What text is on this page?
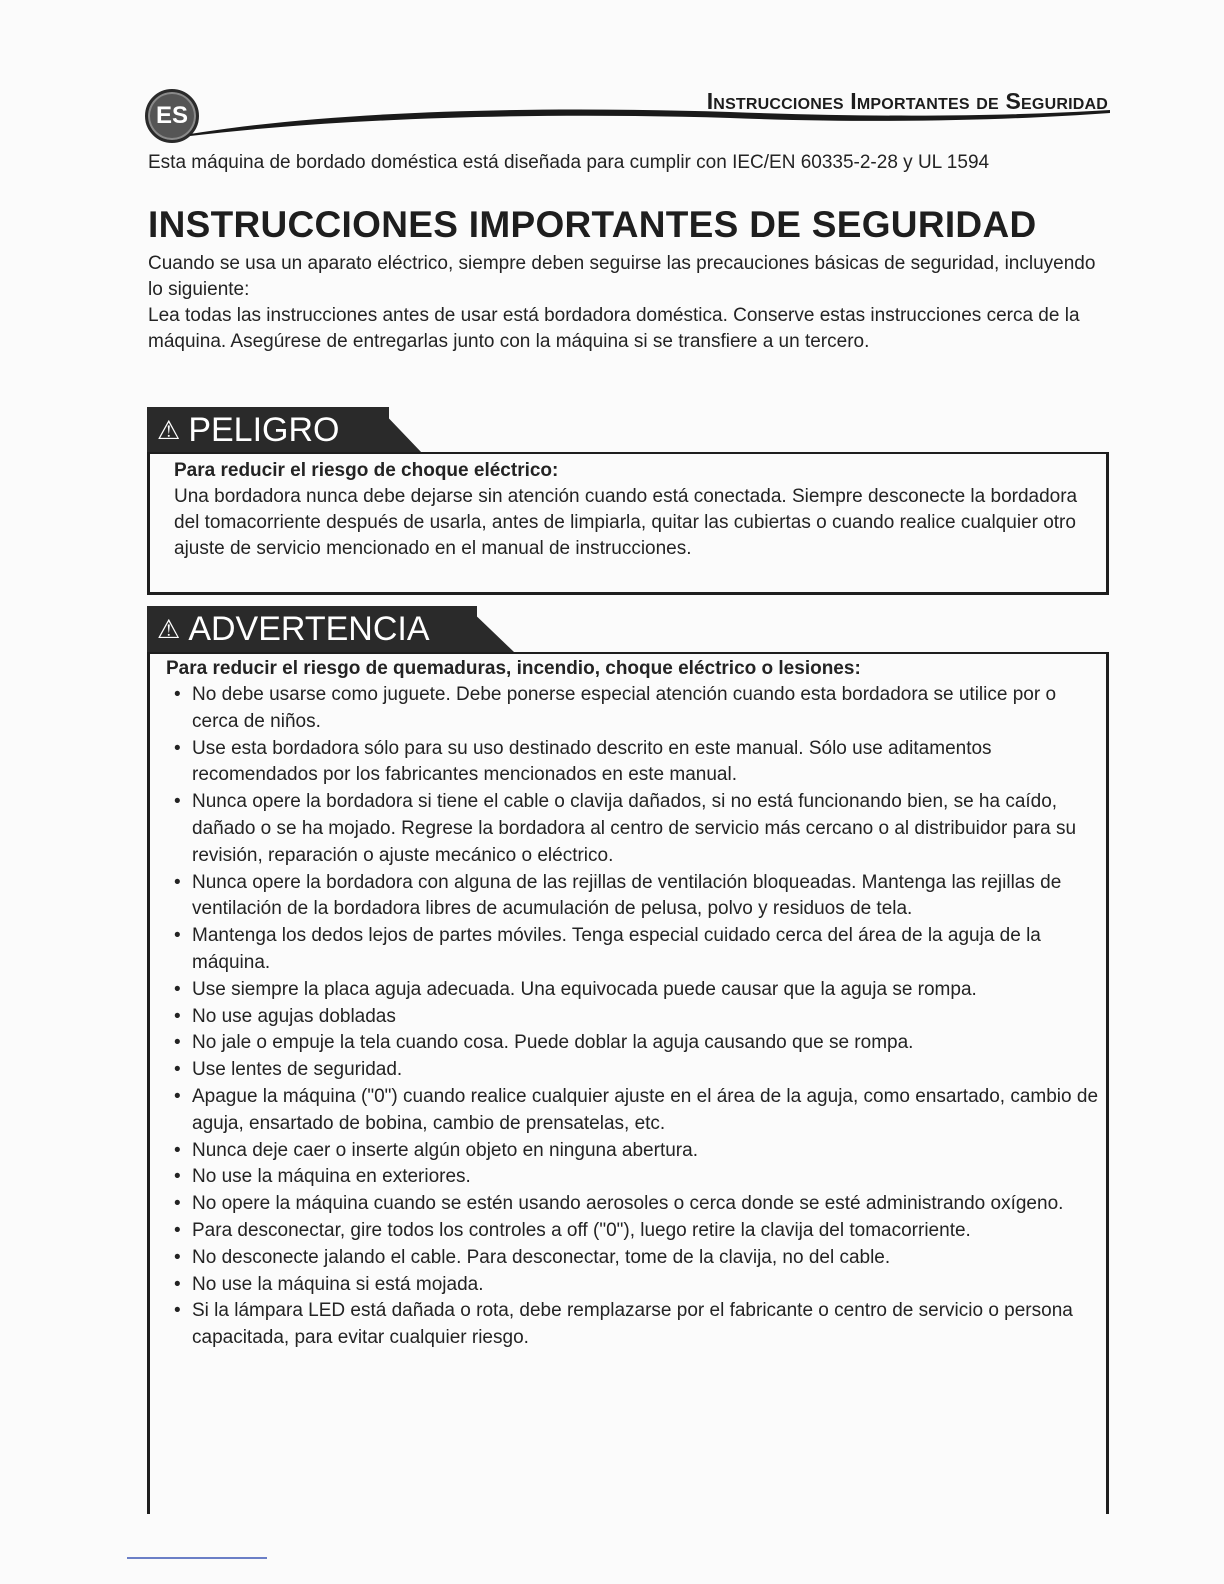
ES
Instrucciones Importantes de Seguridad
Esta máquina de bordado doméstica está diseñada para cumplir con IEC/EN 60335-2-28 y UL 1594
INSTRUCCIONES IMPORTANTES DE SEGURIDAD

Cuando se usa un aparato eléctrico, siempre deben seguirse las precauciones básicas de seguridad, incluyendo lo siguiente:

Lea todas las instrucciones antes de usar está bordadora doméstica. Conserve estas instrucciones cerca de la máquina. Asegúrese de entregarlas junto con la máquina si se transfiere a un tercero.

⚠ PELIGRO

Para reducir el riesgo de choque eléctrico:

Una bordadora nunca debe dejarse sin atención cuando está conectada. Siempre desconecte la bordadora del tomacorriente después de usarla, antes de limpiarla, quitar las cubiertas o cuando realice cualquier otro ajuste de servicio mencionado en el manual de instrucciones.

⚠ ADVERTENCIA

Para reducir el riesgo de quemaduras, incendio, choque eléctrico o lesiones:

• No debe usarse como juguete. Debe ponerse especial atención cuando esta bordadora se utilice por o cerca de niños.
• Use esta bordadora sólo para su uso destinado descrito en este manual. Sólo use aditamentos recomendados por los fabricantes mencionados en este manual.
• Nunca opere la bordadora si tiene el cable o clavija dañados, si no está funcionando bien, se ha caído, dañado o se ha mojado. Regrese la bordadora al centro de servicio más cercano o al distribuidor para su revisión, reparación o ajuste mecánico o eléctrico.
• Nunca opere la bordadora con alguna de las rejillas de ventilación bloqueadas. Mantenga las rejillas de ventilación de la bordadora libres de acumulación de pelusa, polvo y residuos de tela.
• Mantenga los dedos lejos de partes móviles. Tenga especial cuidado cerca del área de la aguja de la máquina.
• Use siempre la placa aguja adecuada. Una equivocada puede causar que la aguja se rompa.
• No use agujas dobladas
• No jale o empuje la tela cuando cosa. Puede doblar la aguja causando que se rompa.
• Use lentes de seguridad.
• Apague la máquina ("0") cuando realice cualquier ajuste en el área de la aguja, como ensartado, cambio de aguja, ensartado de bobina, cambio de prensatelas, etc.
• Nunca deje caer o inserte algún objeto en ninguna abertura.
• No use la máquina en exteriores.
• No opere la máquina cuando se estén usando aerosoles o cerca donde se esté administrando oxígeno.
• Para desconectar, gire todos los controles a off ("0"), luego retire la clavija del tomacorriente.
• No desconecte jalando el cable. Para desconectar, tome de la clavija, no del cable.
• No use la máquina si está mojada.
• Si la lámpara LED está dañada o rota, debe remplazarse por el fabricante o centro de servicio o persona capacitada, para evitar cualquier riesgo.
